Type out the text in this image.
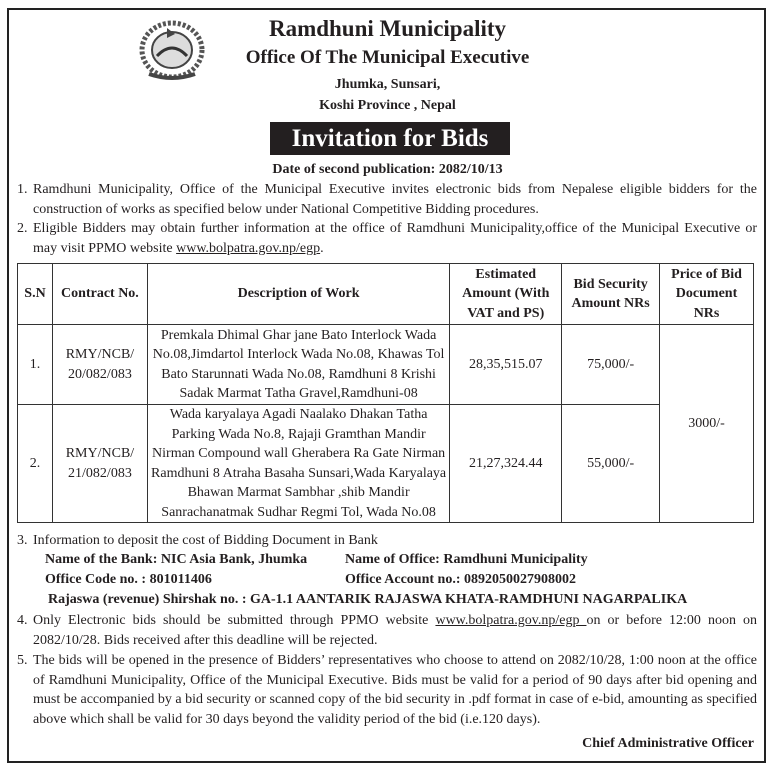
Ramdhuni Municipality
Office Of The Municipal Executive
Jhumka, Sunsari,
Koshi Province , Nepal
Invitation for Bids
Date of second publication: 2082/10/13
1. Ramdhuni Municipality, Office of the Municipal Executive invites electronic bids from Nepalese eligible bidders for the construction of works as specified below under National Competitive Bidding procedures.
2. Eligible Bidders may obtain further information at the office of Ramdhuni Municipality,office of the Municipal Executive or may visit PPMO website www.bolpatra.gov.np/egp.
S.N	Contract No.	Description of Work	Estimated Amount (With VAT and PS)	Bid Security Amount NRs	Price of Bid Document NRs
1.	RMY/NCB/ 20/082/083	Premkala Dhimal Ghar jane Bato Interlock Wada No.08,Jimdartol Interlock Wada No.08, Khawas Tol Bato Starunnati Wada No.08, Ramdhuni 8 Krishi Sadak Marmat Tatha Gravel,Ramdhuni-08	28,35,515.07	75,000/-	3000/-
2.	RMY/NCB/ 21/082/083	Wada karyalaya Agadi Naalako Dhakan Tatha Parking Wada No.8, Rajaji Gramthan Mandir Nirman Compound wall Gherabera Ra Gate Nirman Ramdhuni 8 Atraha Basaha Sunsari,Wada Karyalaya Bhawan Marmat Sambhar ,shib Mandir Sanrachanatmak Sudhar Regmi Tol, Wada No.08	21,27,324.44	55,000/-	
3. Information to deposit the cost of Bidding Document in Bank
Name of the Bank: NIC Asia Bank, Jhumka	Name of Office: Ramdhuni Municipality
Office Code no. : 801011406	Office Account no.: 0892050027908002
Rajaswa (revenue) Shirshak no. : GA-1.1 AANTARIK RAJASWA KHATA-RAMDHUNI NAGARPALIKA
4. Only Electronic bids should be submitted through PPMO website www.bolpatra.gov.np/egp on or before 12:00 noon on 2082/10/28. Bids received after this deadline will be rejected.
5. The bids will be opened in the presence of Bidders’ representatives who choose to attend on 2082/10/28, 1:00 noon at the office of Ramdhuni Municipality, Office of the Municipal Executive. Bids must be valid for a period of 90 days after bid opening and must be accompanied by a bid security or scanned copy of the bid security in .pdf format in case of e-bid, amounting as specified above which shall be valid for 30 days beyond the validity period of the bid (i.e.120 days).
Chief Administrative Officer
